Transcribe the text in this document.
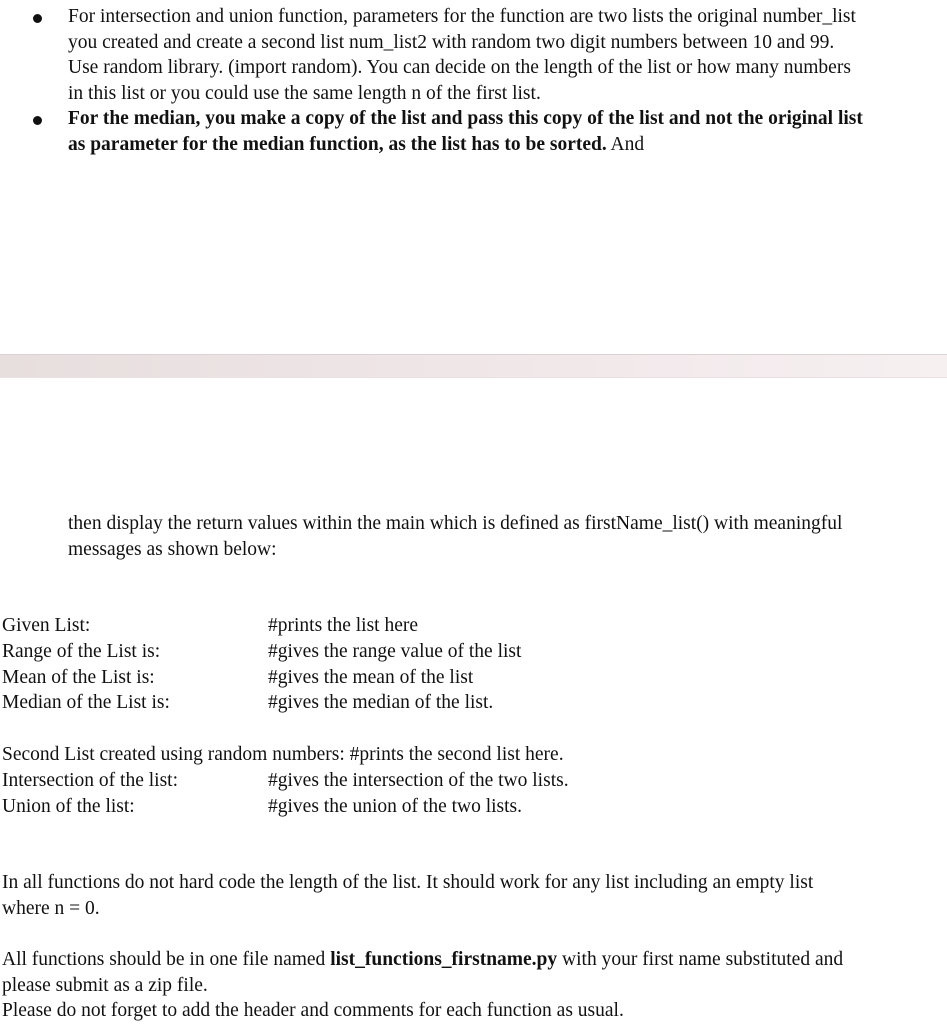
For intersection and union function, parameters for the function are two lists the original number_list you created and create a second list num_list2 with random two digit numbers between 10 and 99. Use random library. (import random). You can decide on the length of the list or how many numbers in this list or you could use the same length n of the first list.
For the median, you make a copy of the list and pass this copy of the list and not the original list as parameter for the median function, as the list has to be sorted. And

then display the return values within the main which is defined as firstName_list() with meaningful messages as shown below:

Given List:	#prints the list here
Range of the List is:	#gives the range value of the list
Mean of the List is:	#gives the mean of the list
Median of the List is:	#gives the median of the list.
Second List created using random numbers: #prints the second list here.
Intersection of the list:	#gives the intersection of the two lists.
Union of the list:	#gives the union of the two lists.

In all functions do not hard code the length of the list. It should work for any list including an empty list where n = 0.

All functions should be in one file named list_functions_firstname.py with your first name substituted and please submit as a zip file.

Please do not forget to add the header and comments for each function as usual.
